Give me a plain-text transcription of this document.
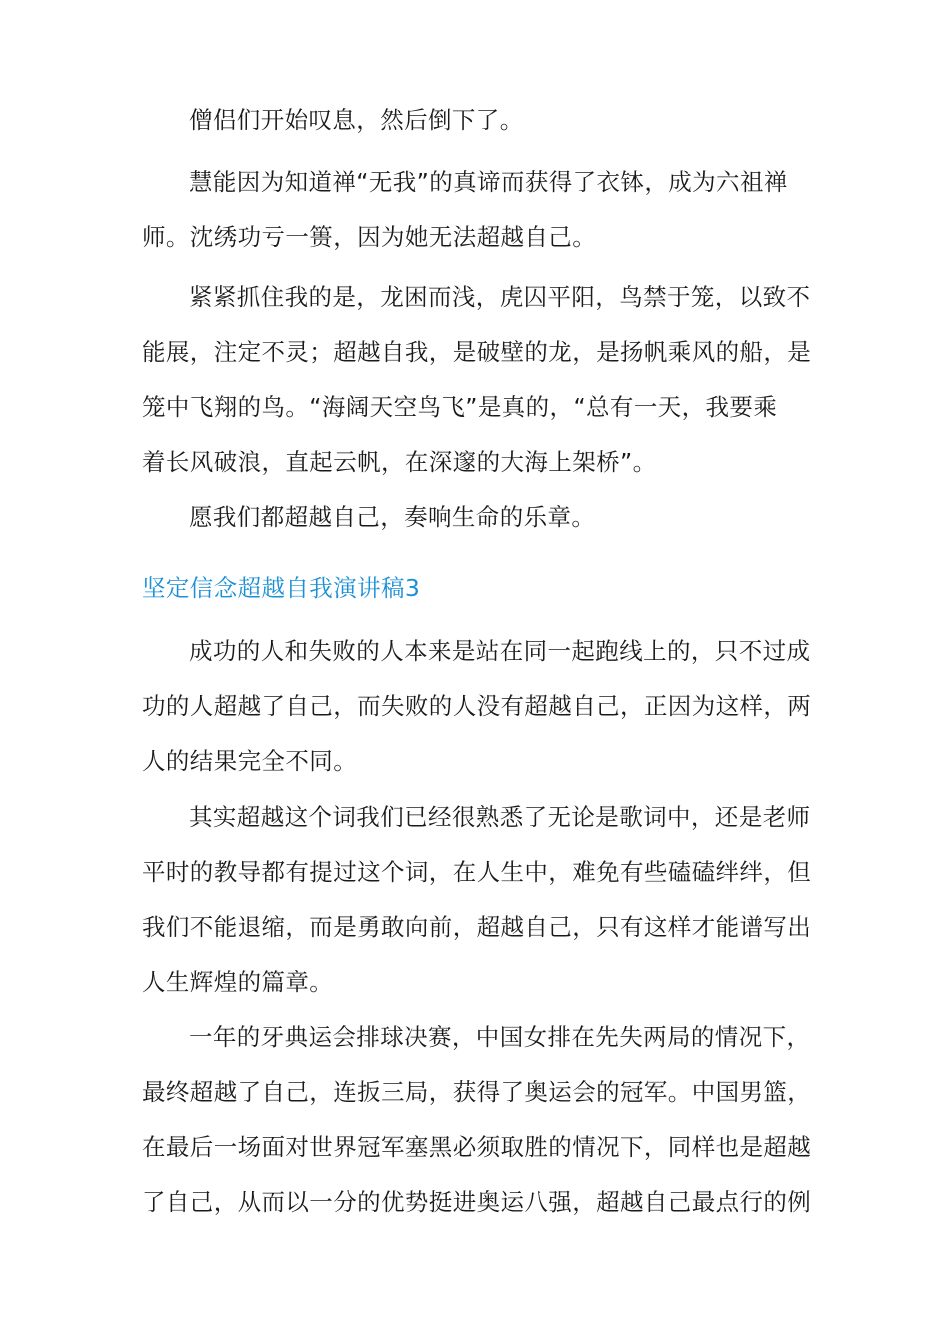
僧侣们开始叹息，然后倒下了。

慧能因为知道禅“无我”的真谛而获得了衣钵，成为六祖禅
师。沈绣功亏一篑，因为她无法超越自己。

紧紧抓住我的是，龙困而浅，虎囚平阳，鸟禁于笼，以致不
能展，注定不灵；超越自我，是破壁的龙，是扬帆乘风的船，是
笼中飞翔的鸟。“海阔天空鸟飞”是真的，“总有一天，我要乘
着长风破浪，直起云帆，在深邃的大海上架桥”。

愿我们都超越自己，奏响生命的乐章。

坚定信念超越自我演讲稿3

成功的人和失败的人本来是站在同一起跑线上的，只不过成
功的人超越了自己，而失败的人没有超越自己，正因为这样，两
人的结果完全不同。

其实超越这个词我们已经很熟悉了无论是歌词中，还是老师
平时的教导都有提过这个词，在人生中，难免有些磕磕绊绊，但
我们不能退缩，而是勇敢向前，超越自己，只有这样才能谱写出
人生辉煌的篇章。

一年的牙典运会排球决赛，中国女排在先失两局的情况下，
最终超越了自己，连扳三局，获得了奥运会的冠军。中国男篮，
在最后一场面对世界冠军塞黑必须取胜的情况下，同样也是超越
了自己，从而以一分的优势挺进奥运八强，超越自己最点行的例
